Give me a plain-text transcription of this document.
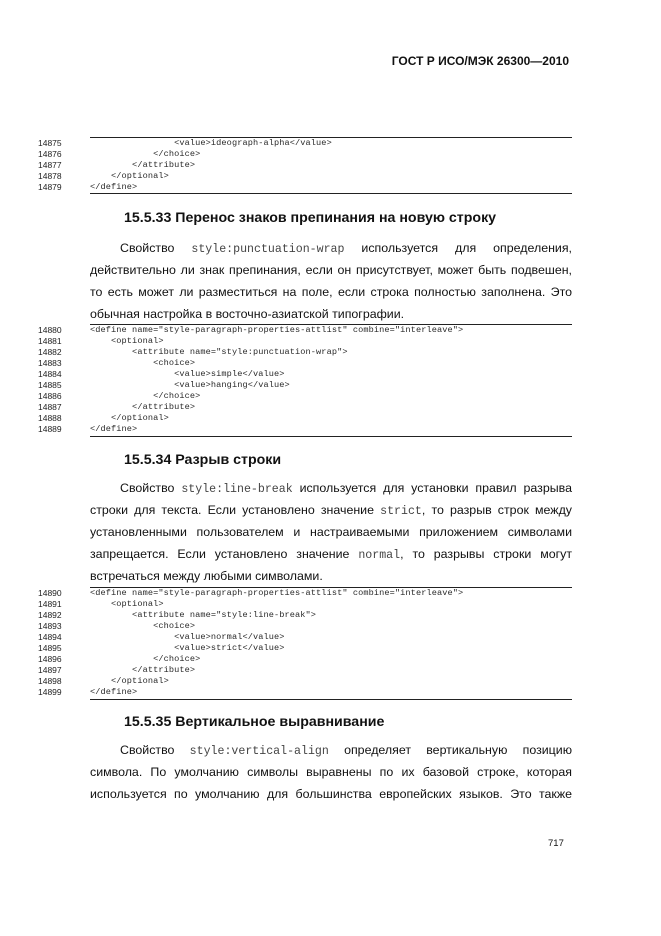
ГОСТ Р ИСО/МЭК 26300—2010
14875	<value>ideograph-alpha</value>
14876	</choice>
14877	</attribute>
14878	</optional>
14879	</define>
15.5.33 Перенос знаков препинания на новую строку
Свойство style:punctuation-wrap используется для определения,
действительно ли знак препинания, если он присутствует, может быть подвешен,
то есть может ли разместиться на поле, если строка полностью заполнена. Это
обычная настройка в восточно-азиатской типографии.
14880	<define name="style-paragraph-properties-attlist" combine="interleave">
14881	<optional>
14882	<attribute name="style:punctuation-wrap">
14883	<choice>
14884	<value>simple</value>
14885	<value>hanging</value>
14886	</choice>
14887	</attribute>
14888	</optional>
14889	</define>
15.5.34 Разрыв строки
Свойство style:line-break используется для установки правил разрыва
строки для текста. Если установлено значение strict, то разрыв строк между
установленными пользователем и настраиваемыми приложением символами
запрещается. Если установлено значение normal, то разрывы строки могут
встречаться между любыми символами.
14890	<define name="style-paragraph-properties-attlist" combine="interleave">
14891	<optional>
14892	<attribute name="style:line-break">
14893	<choice>
14894	<value>normal</value>
14895	<value>strict</value>
14896	</choice>
14897	</attribute>
14898	</optional>
14899	</define>
15.5.35 Вертикальное выравнивание
Свойство style:vertical-align определяет вертикальную позицию
символа. По умолчанию символы выравнены по их базовой строке, которая
используется по умолчанию для большинства европейских языков. Это также
717
